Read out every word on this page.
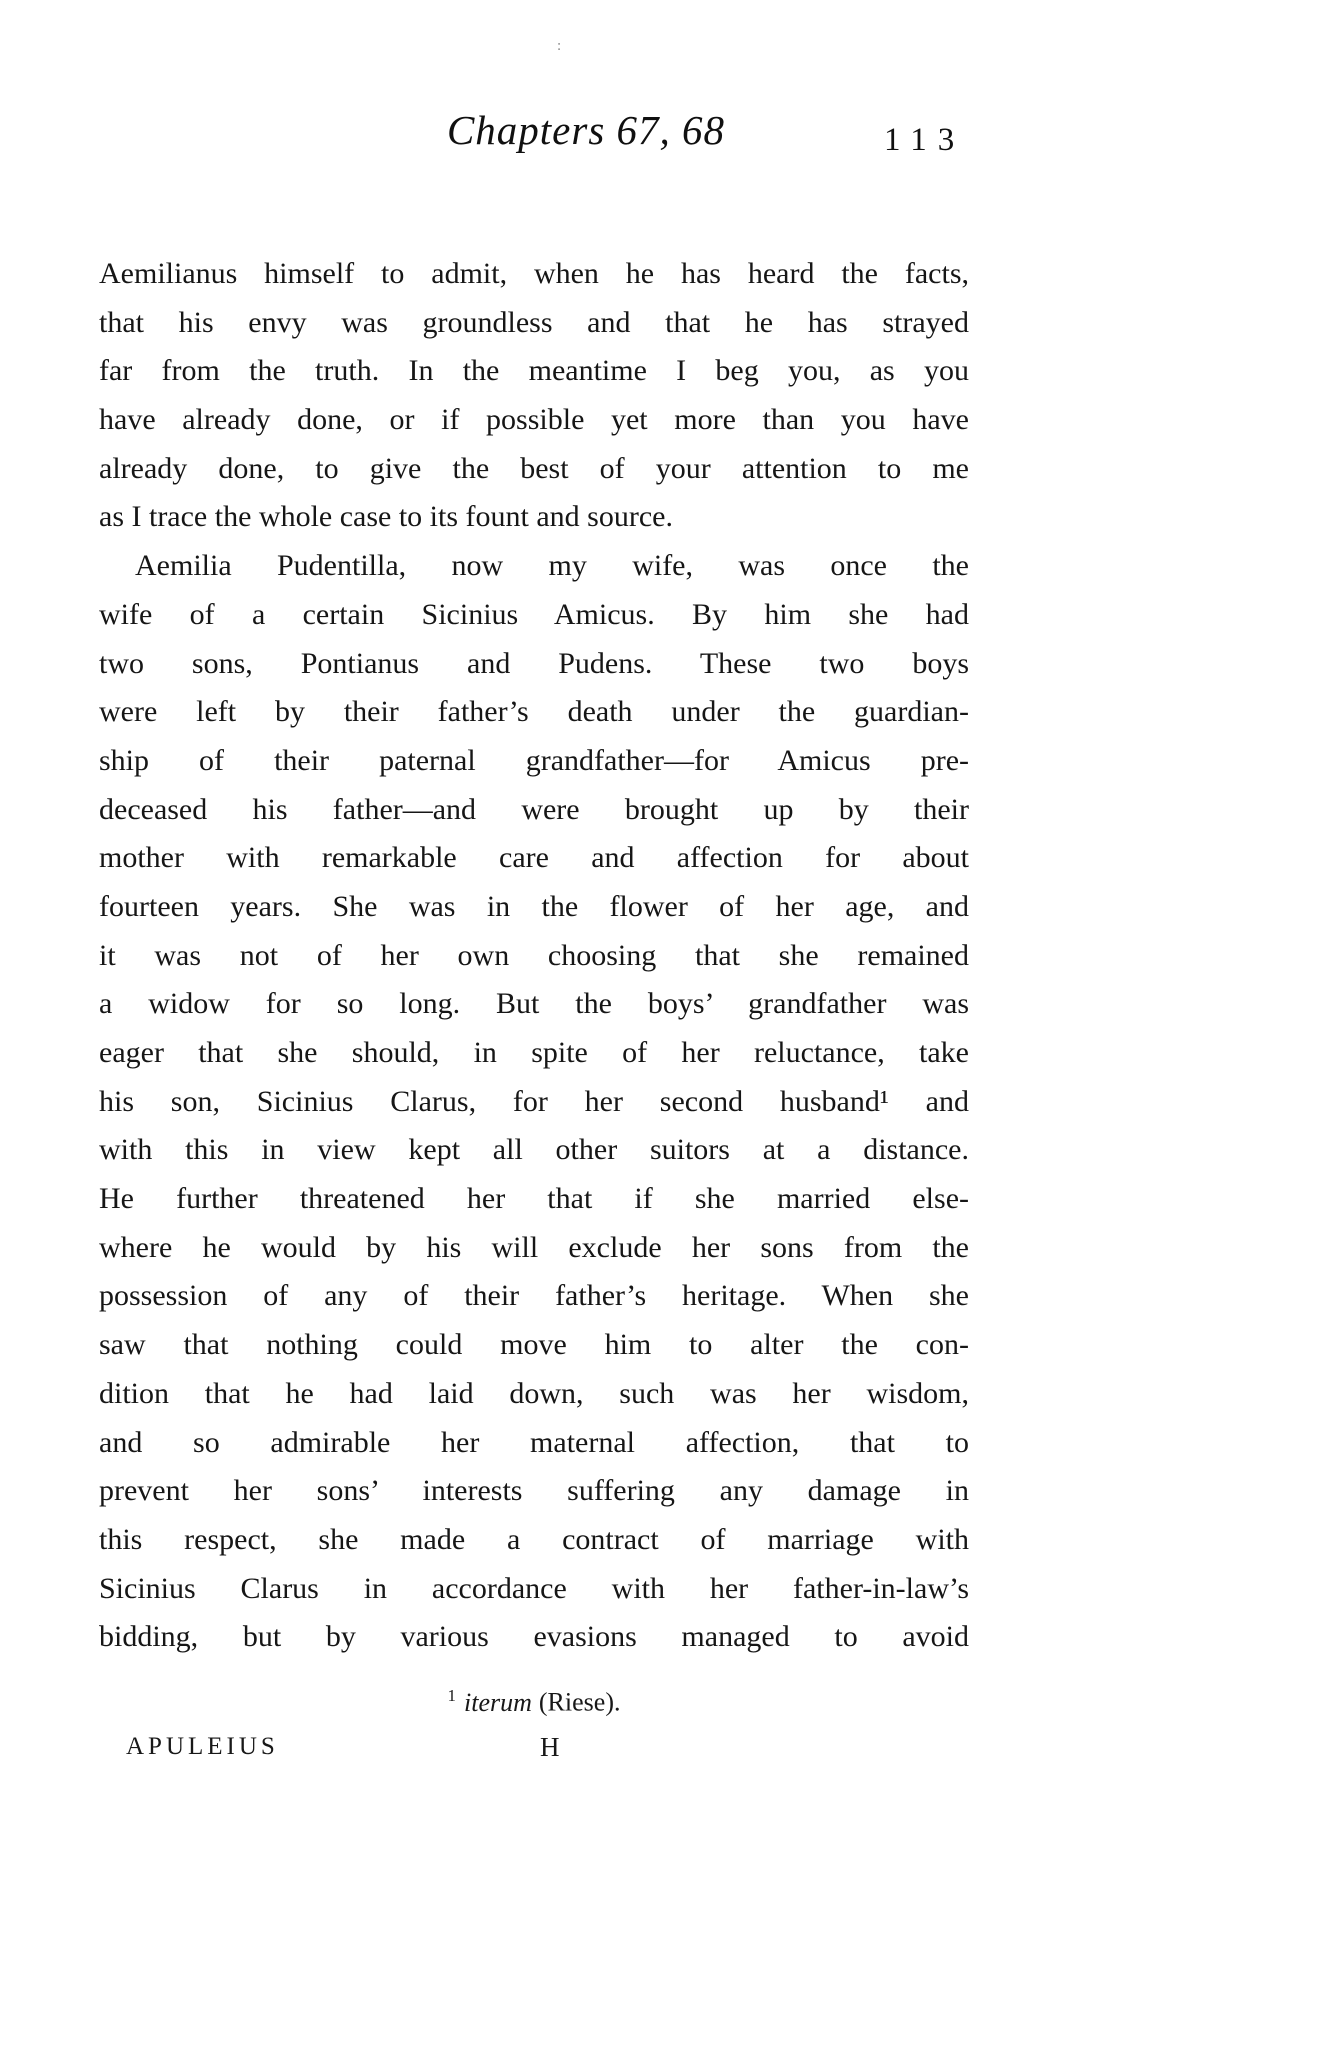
:
Chapters 67, 68	113
Aemilianus himself to admit, when he has heard the facts,
that his envy was groundless and that he has strayed
far from the truth. In the meantime I beg you, as you
have already done, or if possible yet more than you have
already done, to give the best of your attention to me
as I trace the whole case to its fount and source.
Aemilia Pudentilla, now my wife, was once the
wife of a certain Sicinius Amicus. By him she had
two sons, Pontianus and Pudens. These two boys
were left by their father’s death under the guardian-
ship of their paternal grandfather—for Amicus pre-
deceased his father—and were brought up by their
mother with remarkable care and affection for about
fourteen years. She was in the flower of her age, and
it was not of her own choosing that she remained
a widow for so long. But the boys’ grandfather was
eager that she should, in spite of her reluctance, take
his son, Sicinius Clarus, for her second husband¹ and
with this in view kept all other suitors at a distance.
He further threatened her that if she married else-
where he would by his will exclude her sons from the
possession of any of their father’s heritage. When she
saw that nothing could move him to alter the con-
dition that he had laid down, such was her wisdom,
and so admirable her maternal affection, that to
prevent her sons’ interests suffering any damage in
this respect, she made a contract of marriage with
Sicinius Clarus in accordance with her father-in-law’s
bidding, but by various evasions managed to avoid
$^1$ iterum (Riese).
APULEIUS	H
